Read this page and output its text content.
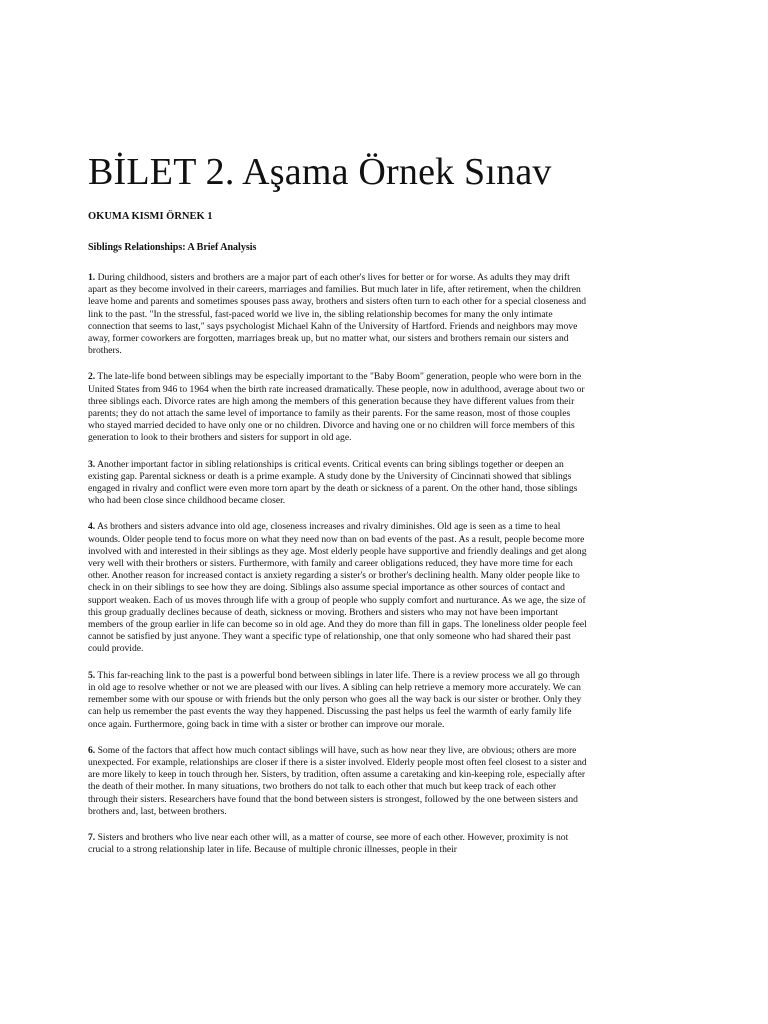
BİLET 2. Aşama Örnek Sınav
OKUMA KISMI ÖRNEK 1
Siblings Relationships: A Brief Analysis

1. During childhood, sisters and brothers are a major part of each other's lives for better or for worse. As adults they may drift apart as they become involved in their careers, marriages and families. But much later in life, after retirement, when the children leave home and parents and sometimes spouses pass away, brothers and sisters often turn to each other for a special closeness and link to the past. "In the stressful, fast-paced world we live in, the sibling relationship becomes for many the only intimate connection that seems to last," says psychologist Michael Kahn of the University of Hartford. Friends and neighbors may move away, former coworkers are forgotten, marriages break up, but no matter what, our sisters and brothers remain our sisters and brothers.

2. The late-life bond between siblings may be especially important to the "Baby Boom" generation, people who were born in the United States from 946 to 1964 when the birth rate increased dramatically. These people, now in adulthood, average about two or three siblings each. Divorce rates are high among the members of this generation because they have different values from their parents; they do not attach the same level of importance to family as their parents. For the same reason, most of those couples who stayed married decided to have only one or no children. Divorce and having one or no children will force members of this generation to look to their brothers and sisters for support in old age.

3. Another important factor in sibling relationships is critical events. Critical events can bring siblings together or deepen an existing gap. Parental sickness or death is a prime example. A study done by the University of Cincinnati showed that siblings engaged in rivalry and conflict were even more torn apart by the death or sickness of a parent. On the other hand, those siblings who had been close since childhood became closer.

4. As brothers and sisters advance into old age, closeness increases and rivalry diminishes. Old age is seen as a time to heal wounds. Older people tend to focus more on what they need now than on bad events of the past. As a result, people become more involved with and interested in their siblings as they age. Most elderly people have supportive and friendly dealings and get along very well with their brothers or sisters. Furthermore, with family and career obligations reduced, they have more time for each other. Another reason for increased contact is anxiety regarding a sister's or brother's declining health. Many older people like to check in on their siblings to see how they are doing. Siblings also assume special importance as other sources of contact and support weaken. Each of us moves through life with a group of people who supply comfort and nurturance. As we age, the size of this group gradually declines because of death, sickness or moving. Brothers and sisters who may not have been important members of the group earlier in life can become so in old age. And they do more than fill in gaps. The loneliness older people feel cannot be satisfied by just anyone. They want a specific type of relationship, one that only someone who had shared their past could provide.

5. This far-reaching link to the past is a powerful bond between siblings in later life. There is a review process we all go through in old age to resolve whether or not we are pleased with our lives. A sibling can help retrieve a memory more accurately. We can remember some with our spouse or with friends but the only person who goes all the way back is our sister or brother. Only they can help us remember the past events the way they happened. Discussing the past helps us feel the warmth of early family life once again. Furthermore, going back in time with a sister or brother can improve our morale.

6. Some of the factors that affect how much contact siblings will have, such as how near they live, are obvious; others are more unexpected. For example, relationships are closer if there is a sister involved. Elderly people most often feel closest to a sister and are more likely to keep in touch through her. Sisters, by tradition, often assume a caretaking and kin-keeping role, especially after the death of their mother. In many situations, two brothers do not talk to each other that much but keep track of each other through their sisters. Researchers have found that the bond between sisters is strongest, followed by the one between sisters and brothers and, last, between brothers.

7. Sisters and brothers who live near each other will, as a matter of course, see more of each other. However, proximity is not crucial to a strong relationship later in life. Because of multiple chronic illnesses, people in their
